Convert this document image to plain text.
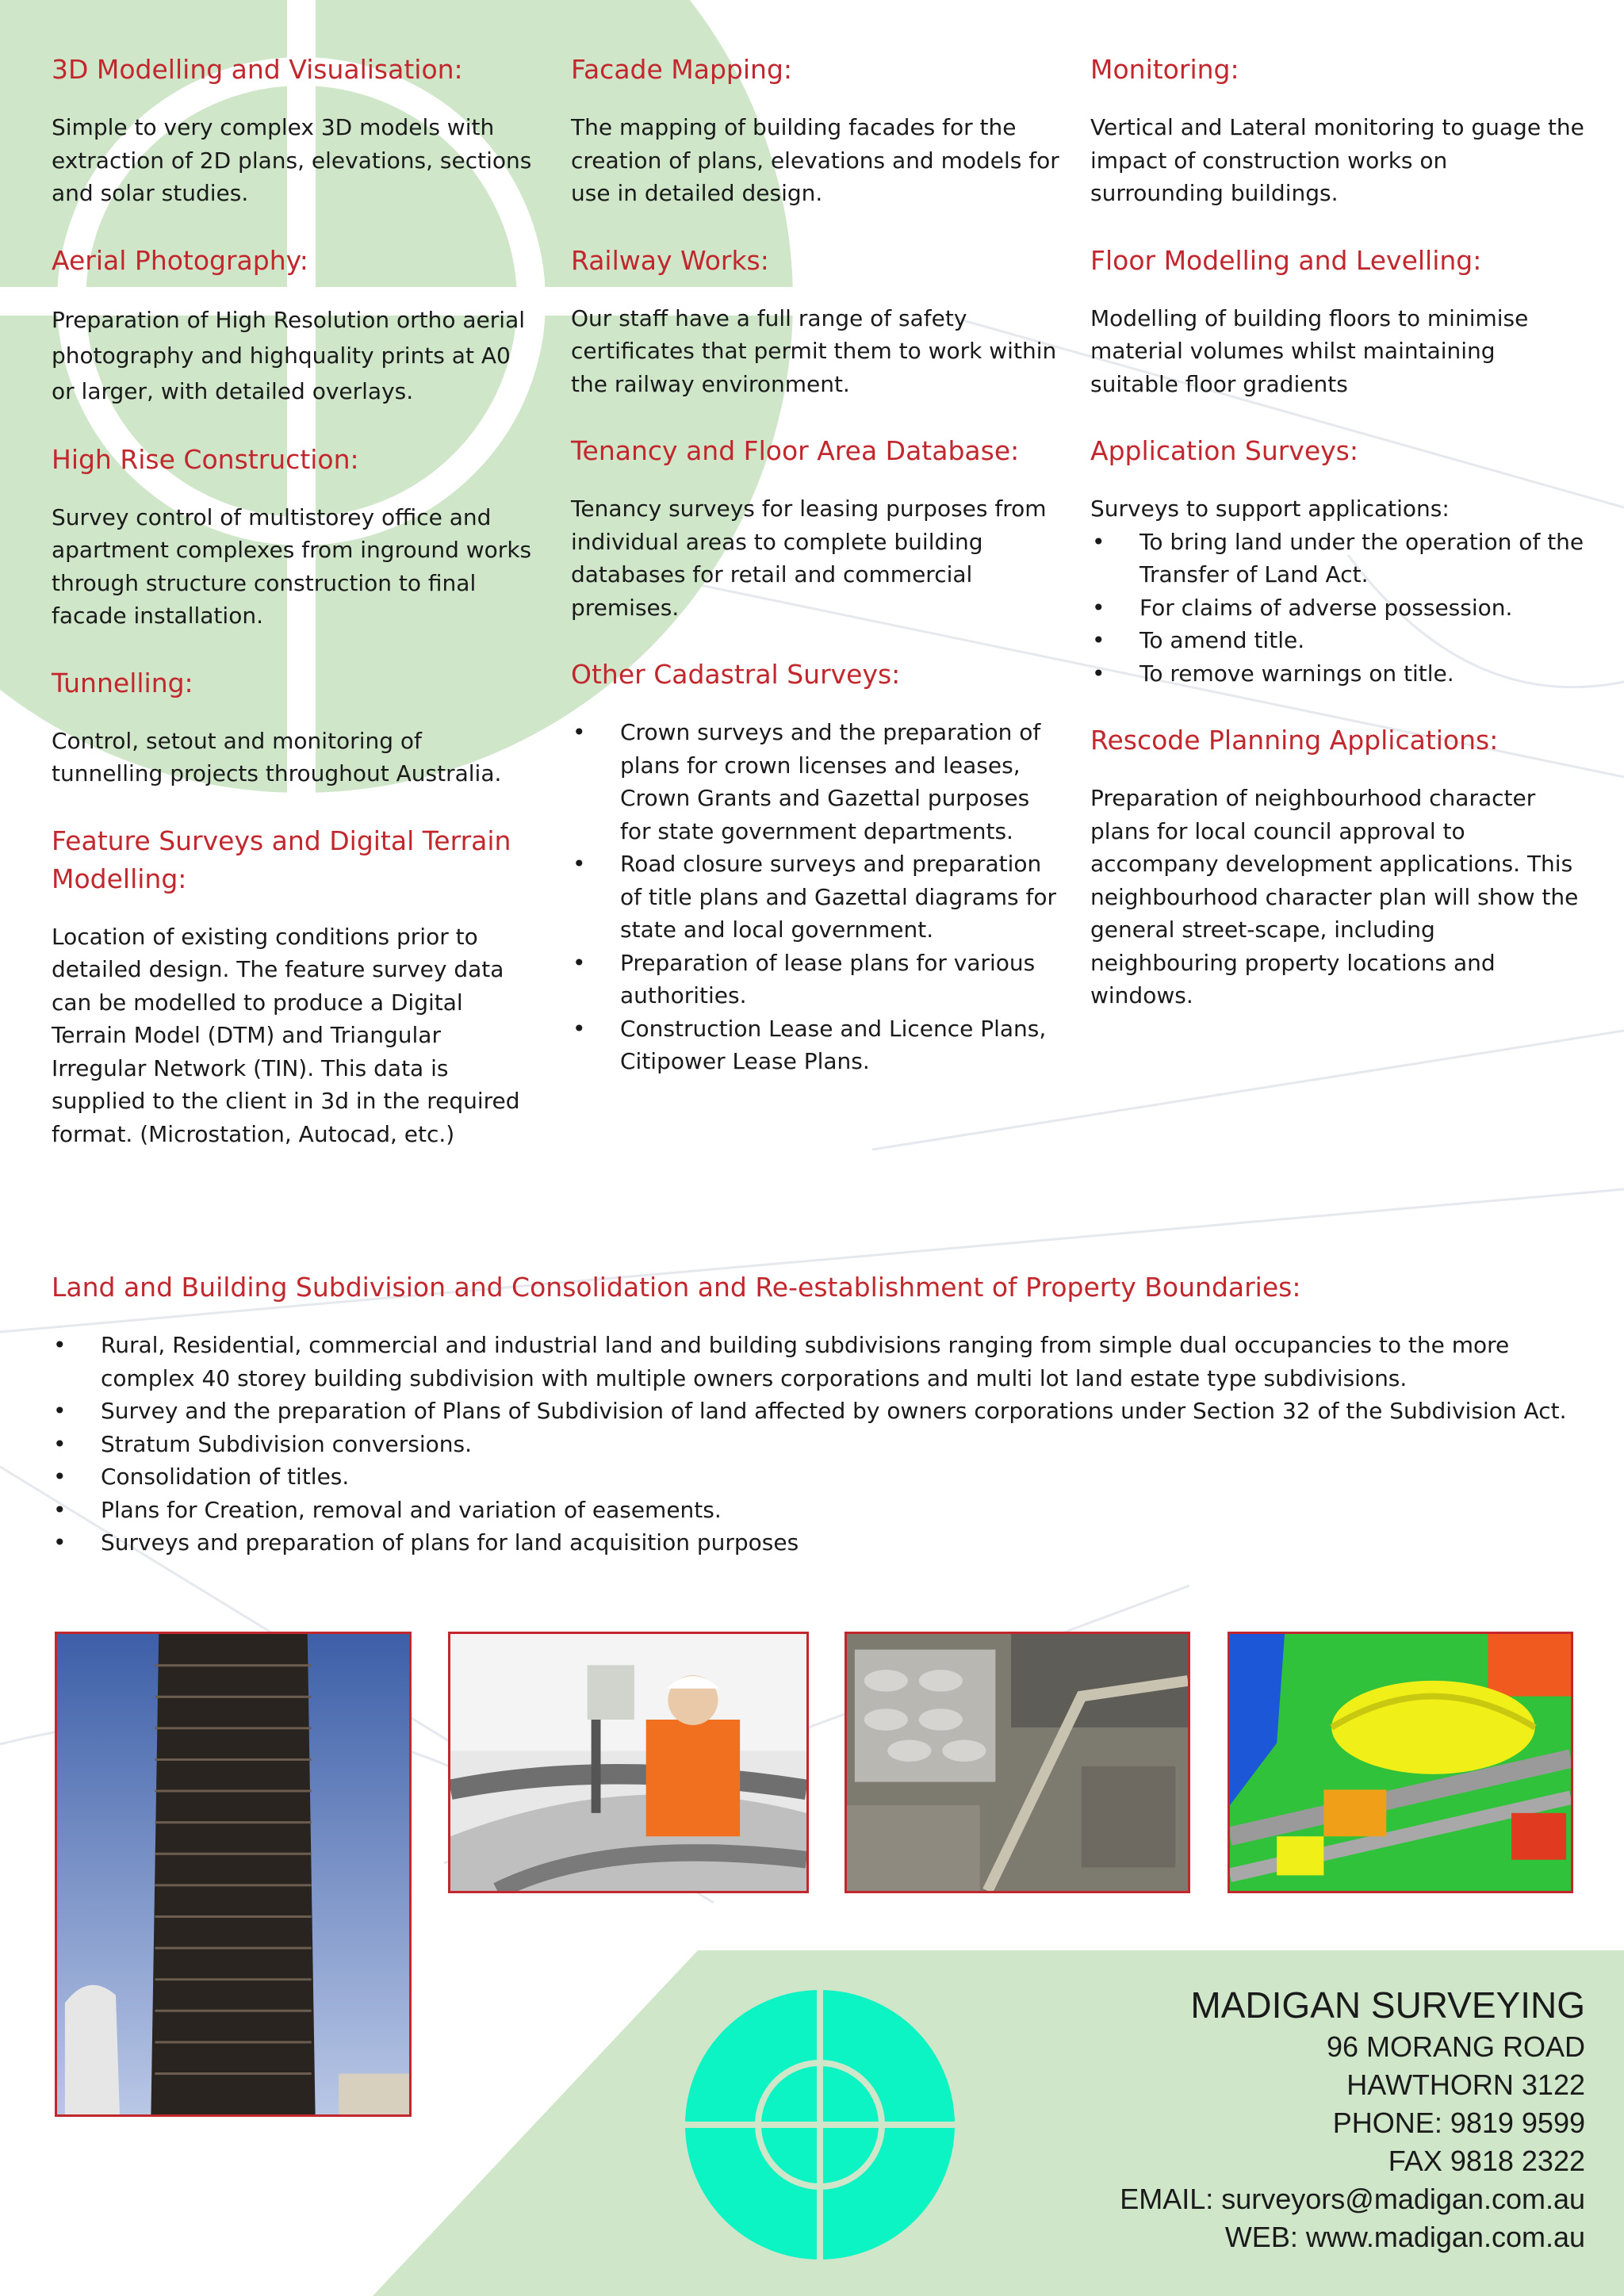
3D Modelling and Visualisation:

Simple to very complex 3D models with extraction of 2D plans, elevations, sections and solar studies.

Aerial Photography:

Preparation of High Resolution ortho aerial photography and highquality prints at A0 or larger, with detailed overlays.

High Rise Construction:

Survey control of multistorey office and apartment complexes from inground works through structure construction to final facade installation.

Tunnelling:

Control, setout and monitoring of tunnelling projects throughout Australia.

Feature Surveys and Digital Terrain Modelling:

Location of existing conditions prior to detailed design. The feature survey data can be modelled to produce a Digital Terrain Model (DTM) and Triangular Irregular Network (TIN). This data is supplied to the client in 3d in the required format. (Microstation, Autocad, etc.)

Facade Mapping:

The mapping of building facades for the creation of plans, elevations and models for use in detailed design.

Railway Works:

Our staff have a full range of safety certificates that permit them to work within the railway environment.

Tenancy and Floor Area Database:

Tenancy surveys for leasing purposes from individual areas to complete building databases for retail and commercial premises.

Other Cadastral Surveys:
• Crown surveys and the preparation of plans for crown licenses and leases, Crown Grants and Gazettal purposes for state government departments.
• Road closure surveys and preparation of title plans and Gazettal diagrams for state and local government.
• Preparation of lease plans for various authorities.
• Construction Lease and Licence Plans, Citipower Lease Plans.
Monitoring:

Vertical and Lateral monitoring to guage the impact of construction works on surrounding buildings.

Floor Modelling and Levelling:

Modelling of building floors to minimise material volumes whilst maintaining suitable floor gradients

Application Surveys:

Surveys to support applications:

• To bring land under the operation of the Transfer of Land Act.
• For claims of adverse possession.
• To amend title.
• To remove warnings on title.
Rescode Planning Applications:

Preparation of neighbourhood character plans for local council approval to accompany development applications. This neighbourhood character plan will show the general street-scape, including neighbouring property locations and windows.

Land and Building Subdivision and Consolidation and Re-establishment of Property Boundaries:
• Rural, Residential, commercial and industrial land and building subdivisions ranging from simple dual occupancies to the more complex 40 storey building subdivision with multiple owners corporations and multi lot land estate type subdivisions.
• Survey and the preparation of Plans of Subdivision of land affected by owners corporations under Section 32 of the Subdivision Act.
• Stratum Subdivision conversions.
• Consolidation of titles.
• Plans for Creation, removal and variation of easements.
• Surveys and preparation of plans for land acquisition purposes
MADIGAN SURVEYING
96 MORANG ROAD
HAWTHORN 3122
PHONE: 9819 9599
FAX 9818 2322
EMAIL: surveyors@madigan.com.au
WEB: www.madigan.com.au
